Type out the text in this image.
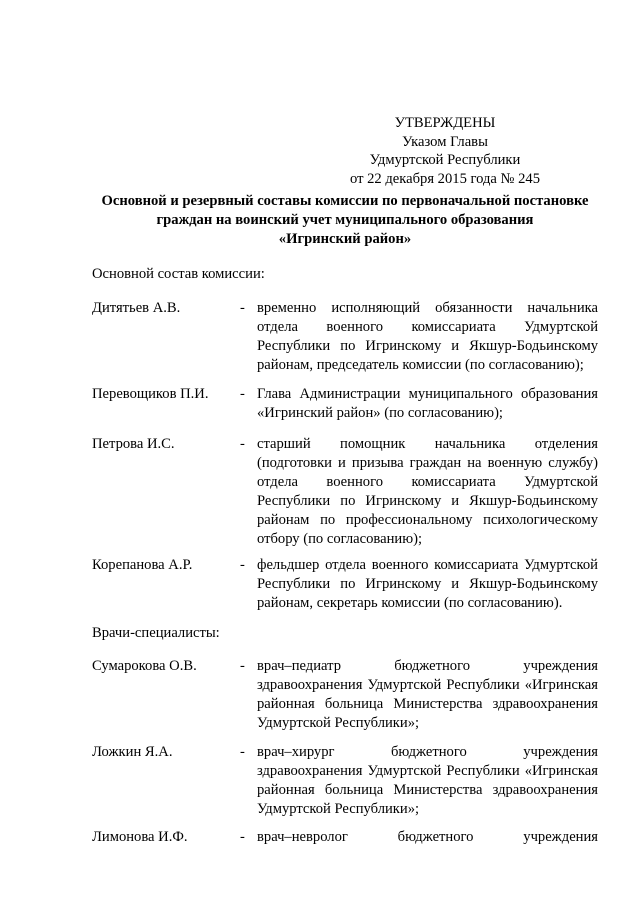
УТВЕРЖДЕНЫ
Указом Главы
Удмуртской Республики
от 22 декабря 2015 года № 245
Основной и резервный составы комиссии по первоначальной постановке
граждан на воинский учет муниципального образования
«Игринский район»
Основной состав комиссии:
Дитятьев А.В.	- временно исполняющий обязанности начальника отдела военного комиссариата Удмуртской Республики по Игринскому и Якшур-Бодьинскому районам, председатель комиссии (по согласованию);
Перевощиков П.И.	- Глава Администрации муниципального образования «Игринский район» (по согласованию);
Петрова И.С.	- старший помощник начальника отделения (подготовки и призыва граждан на военную службу) отдела военного комиссариата Удмуртской Республики по Игринскому и Якшур-Бодьинскому районам по профессиональному психологическому отбору (по согласованию);
Корепанова А.Р.	- фельдшер отдела военного комиссариата Удмуртской Республики по Игринскому и Якшур-Бодьинскому районам, секретарь комиссии (по согласованию).
Врачи-специалисты:
Сумарокова О.В.	- врач–педиатр бюджетного учреждения здравоохранения Удмуртской Республики «Игринская районная больница Министерства здравоохранения Удмуртской Республики»;
Ложкин Я.А.	- врач–хирург бюджетного учреждения здравоохранения Удмуртской Республики «Игринская районная больница Министерства здравоохранения Удмуртской Республики»;
Лимонова И.Ф.	- врач–невролог бюджетного учреждения
